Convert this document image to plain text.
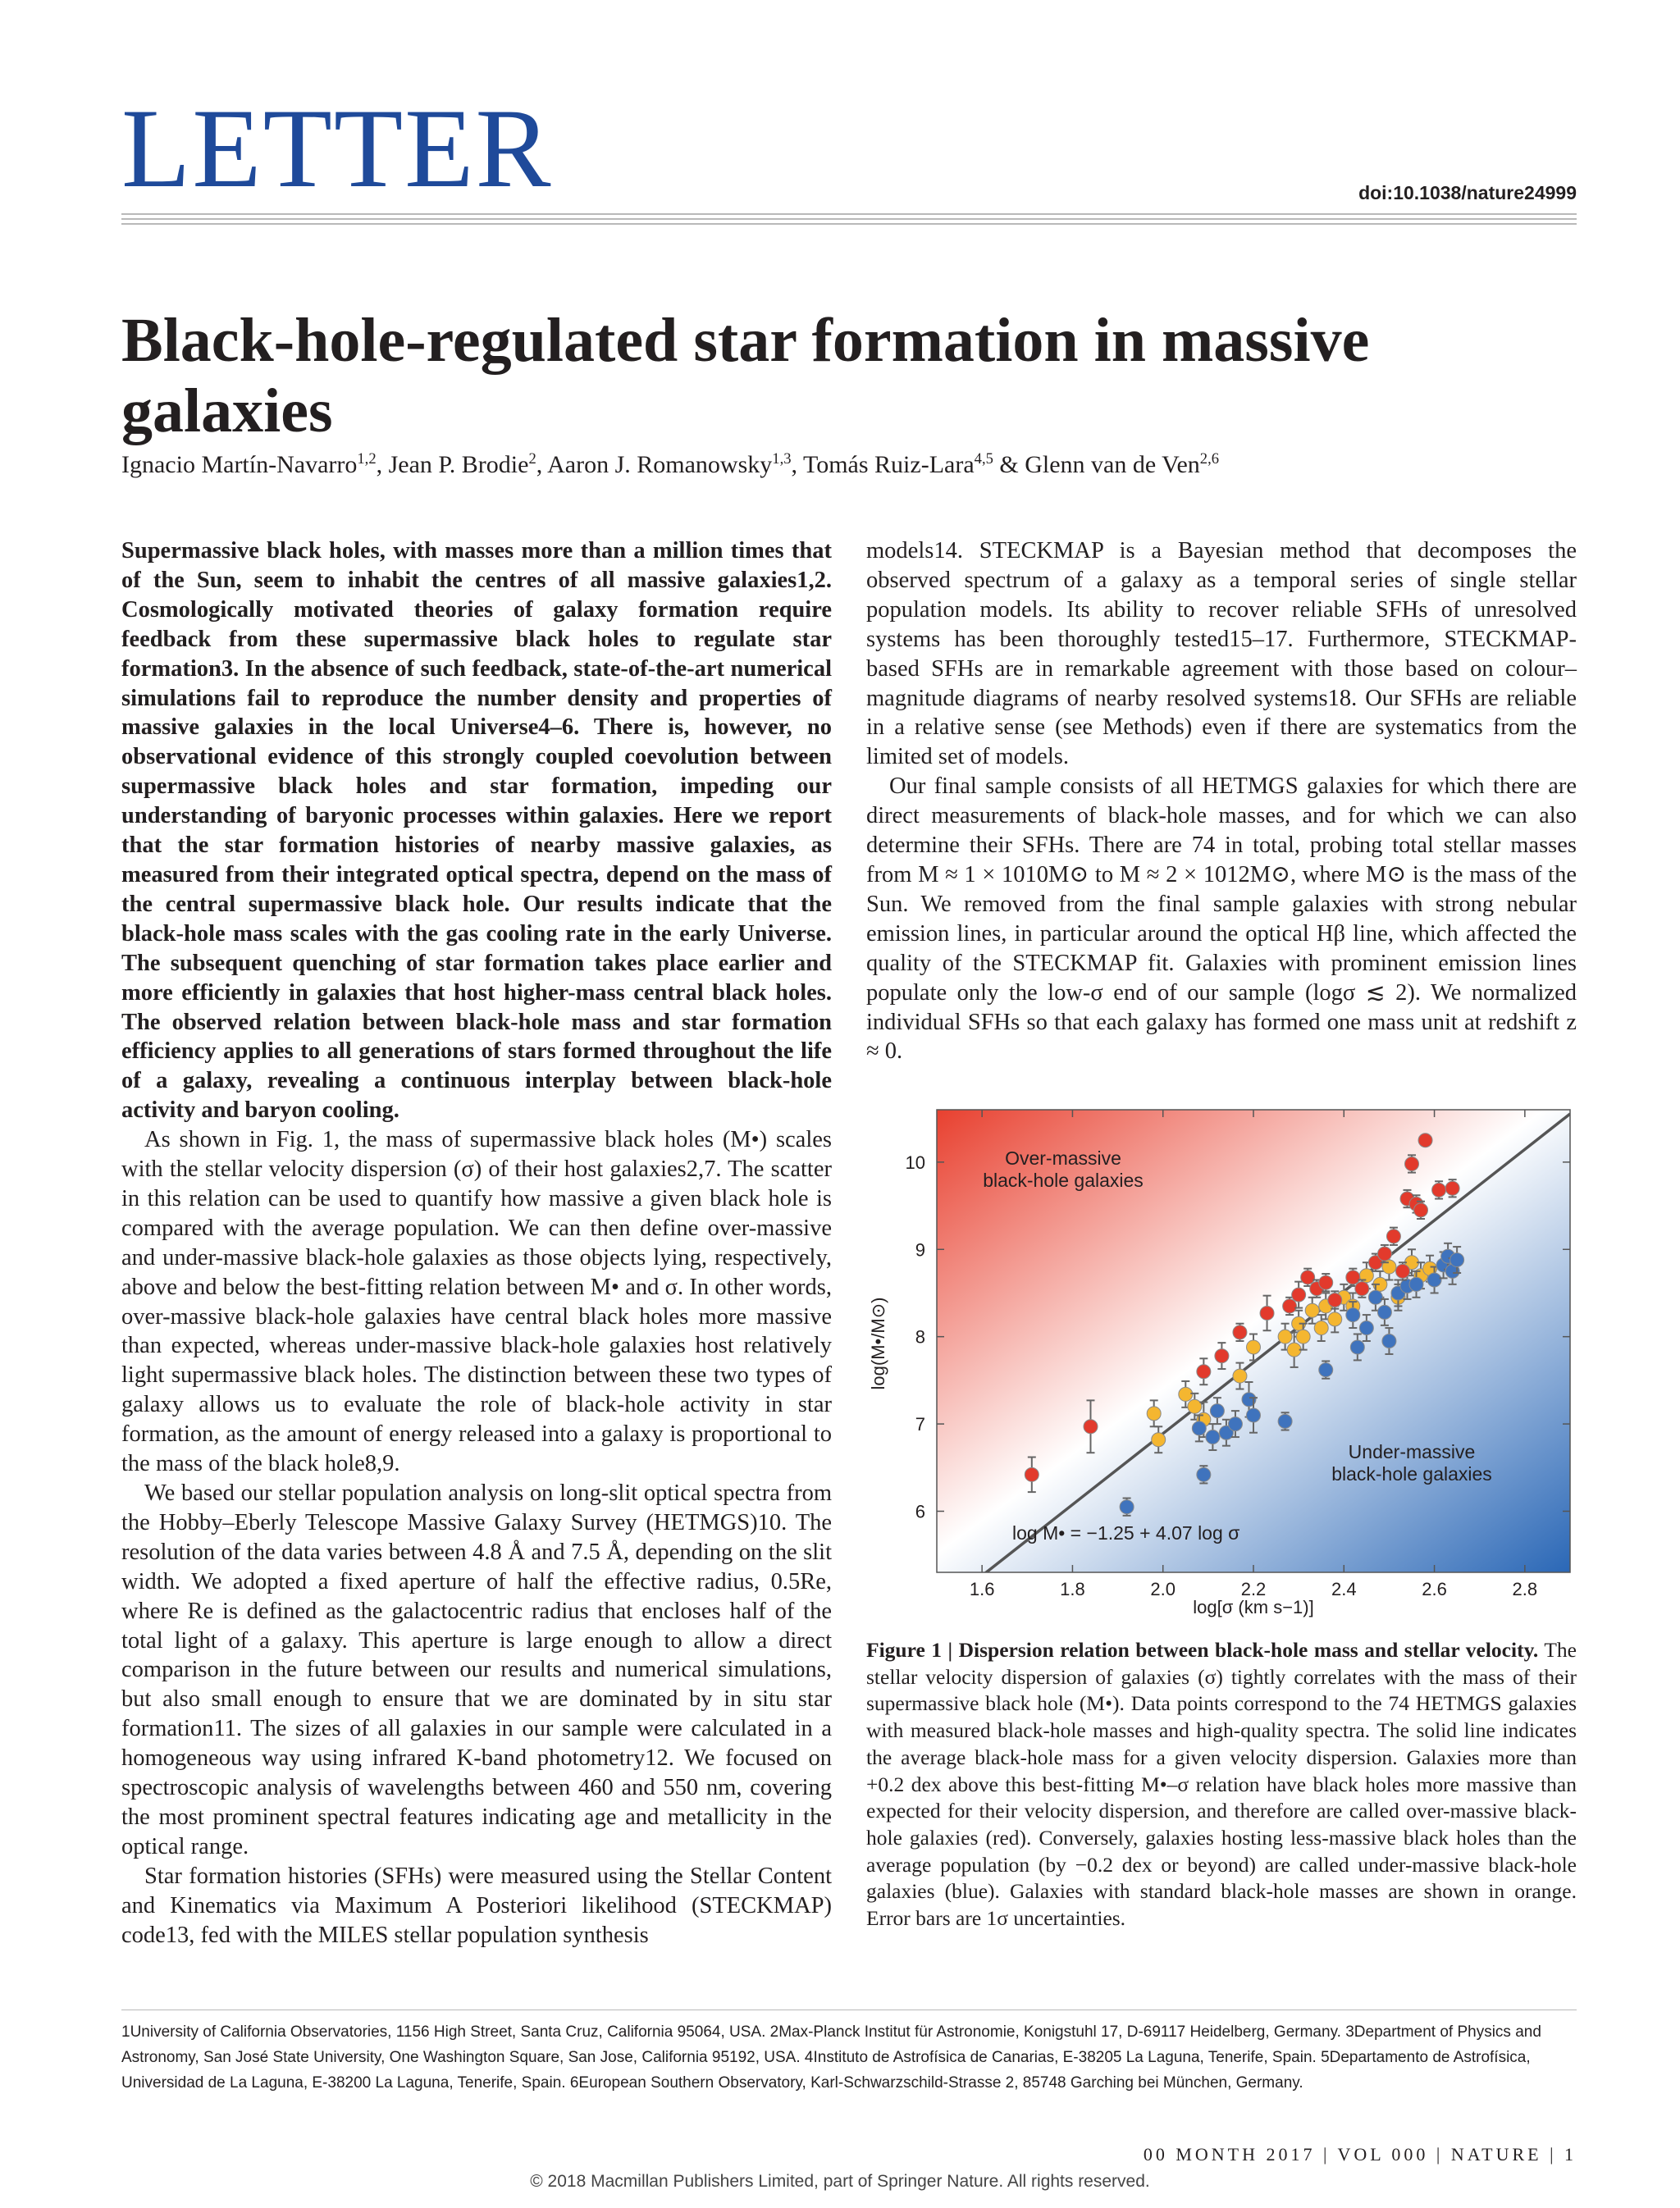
LETTER	doi:10.1038/nature24999
Black-hole-regulated star formation in massive galaxies
Ignacio Martín-Navarro$^{1,2}$, Jean P. Brodie$^2$, Aaron J. Romanowsky$^{1,3}$, Tomás Ruiz-Lara$^{4,5}$ & Glenn van de Ven$^{2,6}$

Supermassive black holes, with masses more than a million times that of the Sun, seem to inhabit the centres of all massive galaxies1,2. Cosmologically motivated theories of galaxy formation require feedback from these supermassive black holes to regulate star formation3. In the absence of such feedback, state-of-the-art numerical simulations fail to reproduce the number density and properties of massive galaxies in the local Universe4–6. There is, however, no observational evidence of this strongly coupled coevolution between supermassive black holes and star formation, impeding our understanding of baryonic processes within galaxies. Here we report that the star formation histories of nearby massive galaxies, as measured from their integrated optical spectra, depend on the mass of the central supermassive black hole. Our results indicate that the black-hole mass scales with the gas cooling rate in the early Universe. The subsequent quenching of star formation takes place earlier and more efficiently in galaxies that host higher-mass central black holes. The observed relation between black-hole mass and star formation efficiency applies to all generations of stars formed throughout the life of a galaxy, revealing a continuous interplay between black-hole activity and baryon cooling.

As shown in Fig. 1, the mass of supermassive black holes (M•) scales with the stellar velocity dispersion (σ) of their host galaxies2,7. The scatter in this relation can be used to quantify how massive a given black hole is compared with the average population. We can then define over-massive and under-massive black-hole galaxies as those objects lying, respectively, above and below the best-fitting relation between M• and σ. In other words, over-massive black-hole galaxies have central black holes more massive than expected, whereas under-massive black-hole galaxies host relatively light supermassive black holes. The distinction between these two types of galaxy allows us to evaluate the role of black-hole activity in star formation, as the amount of energy released into a galaxy is proportional to the mass of the black hole8,9.

We based our stellar population analysis on long-slit optical spectra from the Hobby–Eberly Telescope Massive Galaxy Survey (HETMGS)10. The resolution of the data varies between 4.8 Å and 7.5 Å, depending on the slit width. We adopted a fixed aperture of half the effective radius, 0.5Re, where Re is defined as the galactocentric radius that encloses half of the total light of a galaxy. This aperture is large enough to allow a direct comparison in the future between our results and numerical simulations, but also small enough to ensure that we are dominated by in situ star formation11. The sizes of all galaxies in our sample were calculated in a homogeneous way using infrared K-band photometry12. We focused on spectroscopic analysis of wavelengths between 460 and 550 nm, covering the most prominent spectral features indicating age and metallicity in the optical range.

Star formation histories (SFHs) were measured using the Stellar Content and Kinematics via Maximum A Posteriori likelihood (STECKMAP) code13, fed with the MILES stellar population synthesis

models14. STECKMAP is a Bayesian method that decomposes the observed spectrum of a galaxy as a temporal series of single stellar population models. Its ability to recover reliable SFHs of unresolved systems has been thoroughly tested15–17. Furthermore, STECKMAP-based SFHs are in remarkable agreement with those based on colour–magnitude diagrams of nearby resolved systems18. Our SFHs are reliable in a relative sense (see Methods) even if there are systematics from the limited set of models.

Our final sample consists of all HETMGS galaxies for which there are direct measurements of black-hole masses, and for which we can also determine their SFHs. There are 74 in total, probing total stellar masses from M ≈ 1 × 1010M⊙ to M ≈ 2 × 1012M⊙, where M⊙ is the mass of the Sun. We removed from the final sample galaxies with strong nebular emission lines, in particular around the optical Hβ line, which affected the quality of the STECKMAP fit. Galaxies with prominent emission lines populate only the low-σ end of our sample (logσ ≲ 2). We normalized individual SFHs so that each galaxy has formed one mass unit at redshift z ≈ 0.

1.6	1.8	2.0	2.2	2.4	2.6	2.8
6
7
8
9
10	Over-massive
black-hole galaxies
Under-massive
black-hole galaxies
log M• = −1.25 + 4.07 log σ
log[σ (km s−1)]
log(M•/M⊙)
Figure 1 | Dispersion relation between black-hole mass and stellar velocity. The stellar velocity dispersion of galaxies (σ) tightly correlates with the mass of their supermassive black hole (M•). Data points correspond to the 74 HETMGS galaxies with measured black-hole masses and high-quality spectra. The solid line indicates the average black-hole mass for a given velocity dispersion. Galaxies more than +0.2 dex above this best-fitting M•–σ relation have black holes more massive than expected for their velocity dispersion, and therefore are called over-massive black-hole galaxies (red). Conversely, galaxies hosting less-massive black holes than the average population (by −0.2 dex or beyond) are called under-massive black-hole galaxies (blue). Galaxies with standard black-hole masses are shown in orange. Error bars are 1σ uncertainties.
1University of California Observatories, 1156 High Street, Santa Cruz, California 95064, USA. 2Max-Planck Institut für Astronomie, Konigstuhl 17, D-69117 Heidelberg, Germany. 3Department of Physics and Astronomy, San José State University, One Washington Square, San Jose, California 95192, USA. 4Instituto de Astrofísica de Canarias, E-38205 La Laguna, Tenerife, Spain. 5Departamento de Astrofísica, Universidad de La Laguna, E-38200 La Laguna, Tenerife, Spain. 6European Southern Observatory, Karl-Schwarzschild-Strasse 2, 85748 Garching bei München, Germany.
00 MONTH 2017 | VOL 000 | NATURE | 1
© 2018 Macmillan Publishers Limited, part of Springer Nature. All rights reserved.
